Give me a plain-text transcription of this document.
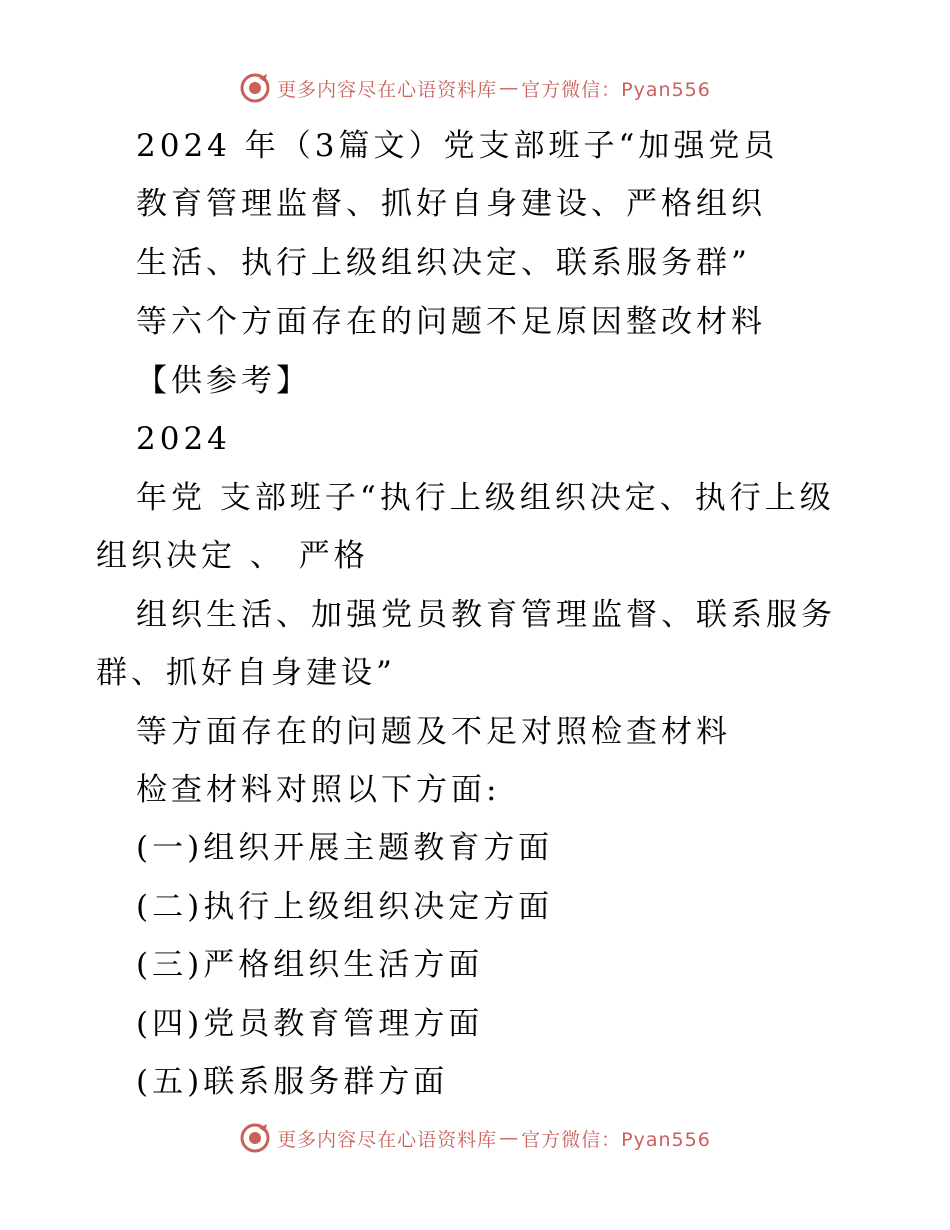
更多内容尽在心语资料库 — 官方微信：Pyan556
2024 年（3篇文）党支部班子“加强党员
教育管理监督、抓好自身建设、严格组织
生活、执行上级组织决定、联系服务群”
等六个方面存在的问题不足原因整改材料
【供参考】
2024
年党 支部班子“执行上级组织决定、执行上级
组织决定 、 严格
组织生活、加强党员教育管理监督、联系服务
群、抓好自身建设”
等方面存在的问题及不足对照检查材料
检查材料对照以下方面:
(一)组织开展主题教育方面
(二)执行上级组织决定方面
(三)严格组织生活方面
(四)党员教育管理方面
(五)联系服务群方面
更多内容尽在心语资料库 — 官方微信：Pyan556
